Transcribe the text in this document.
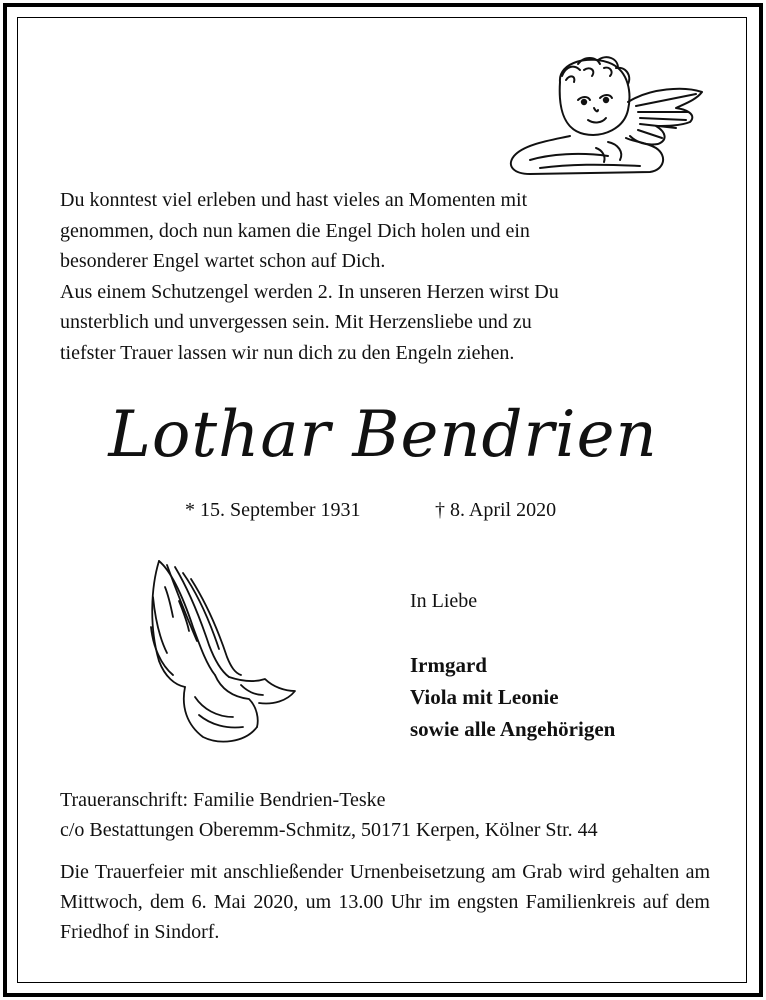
Du konntest viel erleben und hast vieles an Momenten mit

genommen, doch nun kamen die Engel Dich holen und ein

besonderer Engel wartet schon auf Dich.

Aus einem Schutzengel werden 2. In unseren Herzen wirst Du

unsterblich und unvergessen sein. Mit Herzensliebe und zu

tiefster Trauer lassen wir nun dich zu den Engeln ziehen.

Lothar Bendrien
* 15. September 1931	† 8. April 2020

In Liebe

Irmgard

Viola mit Leonie

sowie alle Angehörigen

Traueranschrift: Familie Bendrien-Teske

c/o Bestattungen Oberemm-Schmitz, 50171 Kerpen, Kölner Str. 44

Die Trauerfeier mit anschließender Urnenbeisetzung am Grab wird gehalten am Mittwoch, dem 6. Mai 2020, um 13.00 Uhr im engsten Familienkreis auf dem Friedhof in Sindorf.
